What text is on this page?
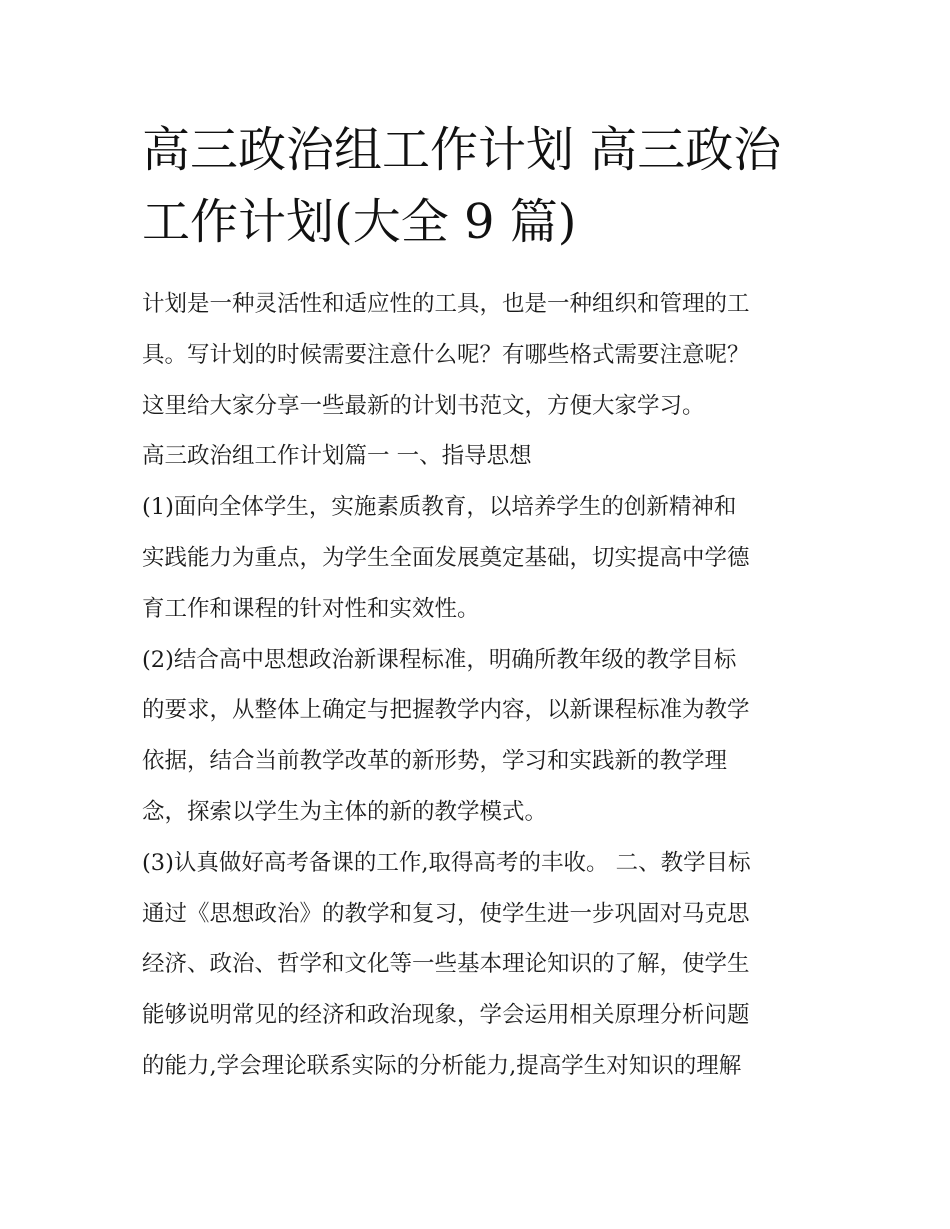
高三政治组工作计划 高三政治
工作计划(大全 9 篇)
计划是一种灵活性和适应性的工具，也是一种组织和管理的工
具。写计划的时候需要注意什么呢？有哪些格式需要注意呢？
这里给大家分享一些最新的计划书范文，方便大家学习。
高三政治组工作计划篇一 一、指导思想
(1)面向全体学生，实施素质教育，以培养学生的创新精神和
实践能力为重点，为学生全面发展奠定基础，切实提高中学德
育工作和课程的针对性和实效性。
(2)结合高中思想政治新课程标准，明确所教年级的教学目标
的要求，从整体上确定与把握教学内容，以新课程标准为教学
依据，结合当前教学改革的新形势，学习和实践新的教学理
念，探索以学生为主体的新的教学模式。
(3)认真做好高考备课的工作,取得高考的丰收。 二、教学目标
通过《思想政治》的教学和复习，使学生进一步巩固对马克思
经济、政治、哲学和文化等一些基本理论知识的了解，使学生
能够说明常见的经济和政治现象，学会运用相关原理分析问题
的能力,学会理论联系实际的分析能力,提高学生对知识的理解
